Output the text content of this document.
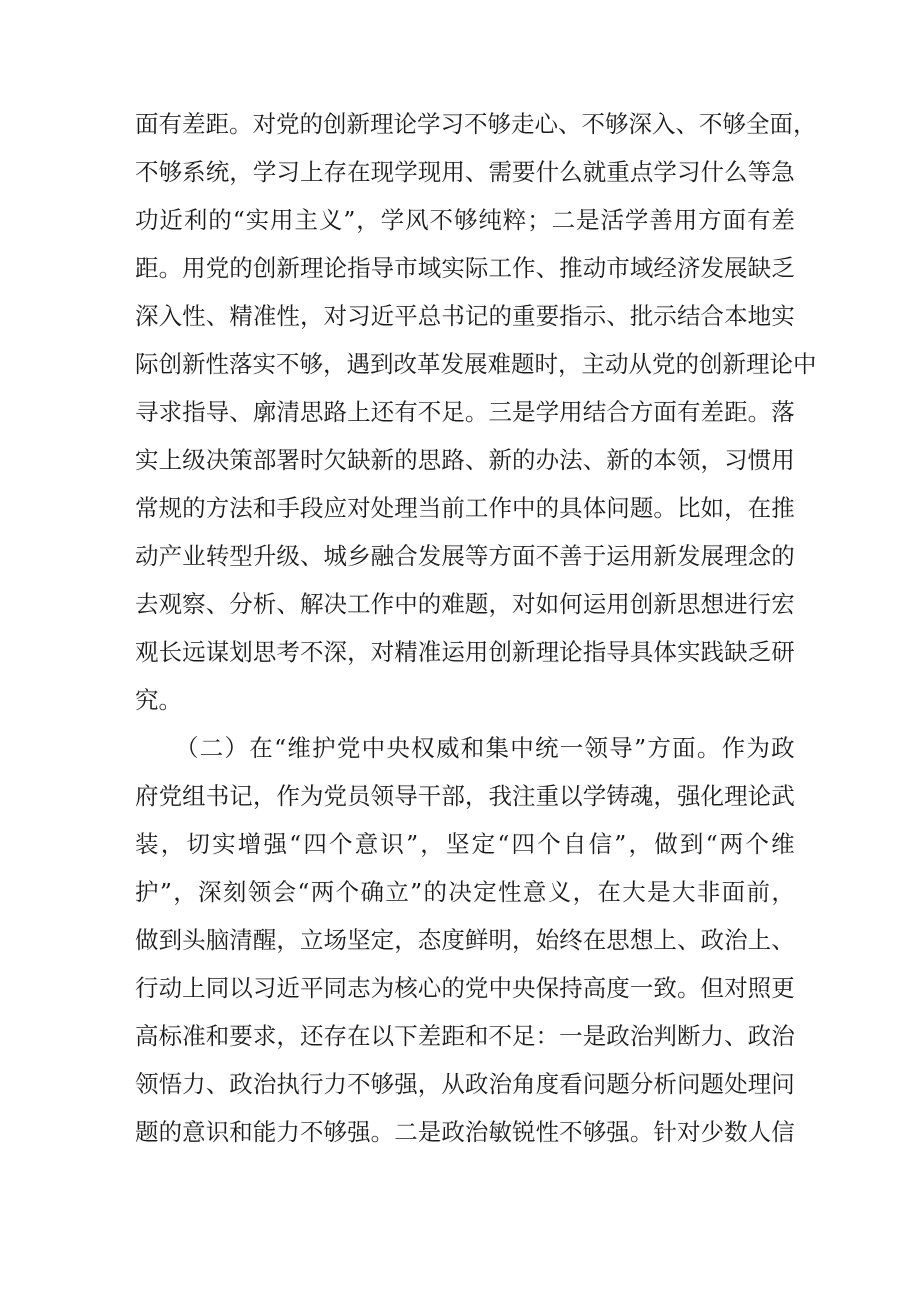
面 有 差 距 。 对 党 的 创 新 理 论 学 习 不 够 走 心 、 不 够 深 入 、 不 够 全 面 ，
不 够 系 统 ， 学 习 上 存 在 现 学 现 用 、 需 要 什 么 就 重 点 学 习 什 么 等 急
功 近 利 的 “ 实 用 主 义 ” ， 学 风 不 够 纯 粹 ； 二 是 活 学 善 用 方 面 有 差
距 。 用 党 的 创 新 理 论 指 导 市 域 实 际 工 作 、 推 动 市 域 经 济 发 展 缺 乏
深 入 性 、 精 准 性 ， 对 习 近 平 总 书 记 的 重 要 指 示 、 批 示 结 合 本 地 实
际 创 新 性 落 实 不 够 ， 遇 到 改 革 发 展 难 题 时 ， 主 动 从 党 的 创 新 理 论 中
寻 求 指 导 、 廓 清 思 路 上 还 有 不 足 。 三 是 学 用 结 合 方 面 有 差 距 。 落
实 上 级 决 策 部 署 时 欠 缺 新 的 思 路 、 新 的 办 法 、 新 的 本 领 ， 习 惯 用
常 规 的 方 法 和 手 段 应 对 处 理 当 前 工 作 中 的 具 体 问 题 。 比 如 ， 在 推
动 产 业 转 型 升 级 、 城 乡 融 合 发 展 等 方 面 不 善 于 运 用 新 发 展 理 念 的
去 观 察 、 分 析 、 解 决 工 作 中 的 难 题 ， 对 如 何 运 用 创 新 思 想 进 行 宏
观 长 远 谋 划 思 考 不 深 ， 对 精 准 运 用 创 新 理 论 指 导 具 体 实 践 缺 乏 研
究 。
（ 二 ） 在 “ 维 护 党 中 央 权 威 和 集 中 统 一 领 导 ” 方 面 。 作 为 政
府 党 组 书 记 ， 作 为 党 员 领 导 干 部 ， 我 注 重 以 学 铸 魂 ， 强 化 理 论 武
装 ， 切 实 增 强 “ 四 个 意 识 ” ， 坚 定 “ 四 个 自 信 ” ， 做 到 “ 两 个 维
护 ” ， 深 刻 领 会 “ 两 个 确 立 ” 的 决 定 性 意 义 ， 在 大 是 大 非 面 前 ，
做 到 头 脑 清 醒 ， 立 场 坚 定 ， 态 度 鲜 明 ， 始 终 在 思 想 上 、 政 治 上 、
行 动 上 同 以 习 近 平 同 志 为 核 心 的 党 中 央 保 持 高 度 一 致 。 但 对 照 更
高 标 准 和 要 求 ， 还 存 在 以 下 差 距 和 不 足 ： 一 是 政 治 判 断 力 、 政 治
领 悟 力 、 政 治 执 行 力 不 够 强 ， 从 政 治 角 度 看 问 题 分 析 问 题 处 理 问
题 的 意 识 和 能 力 不 够 强 。 二 是 政 治 敏 锐 性 不 够 强 。 针 对 少 数 人 信
